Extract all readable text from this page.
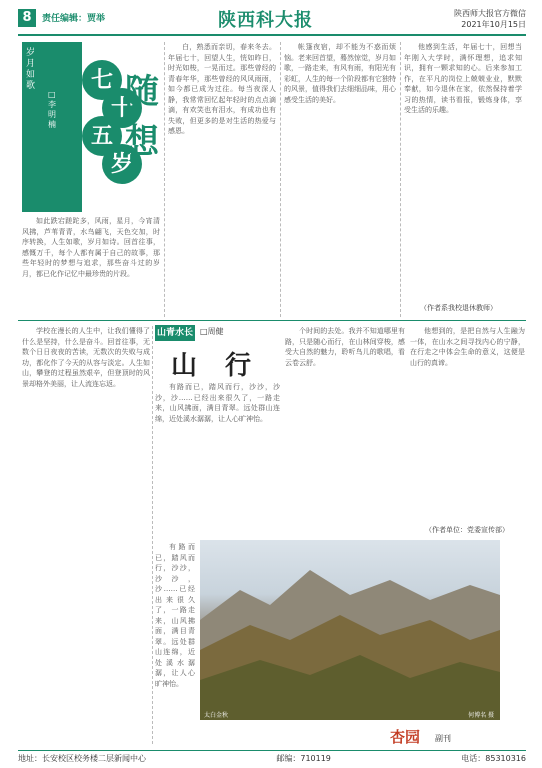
8	责任编辑：贾举	陕西科大报	陕西师大报官方微信
2021年10月15日
岁月如歌
□李明楠
七
十
五
岁
随
想

如此跌宕蹉跎多，风雨，星月，今宵清风拂，芦苇青青，水鸟翩飞，天色交加，时序转换，人生如歌，岁月如诗。回首往事，感慨万千，每个人都有属于自己的故事，那些年轻时的梦想与追求，那些奋斗过的岁月，都已化作记忆中最珍贵的片段。

白，熟悉而亲切，春来冬去。年届七十，回望人生，恍如昨日，时光如梭，一晃而过。那些曾经的青春年华，那些曾经的风风雨雨，如今都已成为过往。每当夜深人静，我常常回忆起年轻时的点点滴滴，有欢笑也有泪水，有成功也有失败，但更多的是对生活的热爱与感恩。

帐篷夜宿，却不能为不惑而烦恼。老来回首望，蓦然惊觉，岁月如歌，一路走来，有风有雨，有阳光有彩虹，人生的每一个阶段都有它独特的风景，值得我们去细细品味，用心感受生活的美好。

他感到生活，年届七十，回想当年刚入大学时，满怀理想，追求知识，拥有一颗求知的心。后来参加工作，在平凡的岗位上兢兢业业，默默奉献，如今退休在家，依然保持着学习的热情，读书看报，锻炼身体，享受生活的乐趣。

（作者系我校退休教师）

学校在漫长的人生中，让我们懂得了什么是坚持，什么是奋斗。回首往事，无数个日日夜夜的苦读，无数次的失败与成功，都化作了今天的从容与淡定。人生如山，攀登的过程虽然艰辛，但登顶时的风景却格外美丽，让人流连忘返。

山青水长 □周健
山行

有路而已，踏风而行，沙沙，沙沙，沙……已经出来很久了，一路走来，山风拂面，满目青翠。远处群山连绵，近处溪水潺潺，让人心旷神怡。

个时间的去处。我并不知道哪里有路，只是随心而行，在山林间穿梭，感受大自然的魅力，聆听鸟儿的歌唱，看云卷云舒。

他想到的，是把自然与人生融为一体，在山水之间寻找内心的宁静，在行走之中体会生命的意义，这便是山行的真谛。

（作者单位：党委宣传部）

有路而已，踏风而行，沙沙，沙沙，沙……已经出来很久了，一路走来，山风拂面，满目青翠。远处群山连绵，近处溪水潺潺，让人心旷神怡。

太白金秋	何博名 摄
杏园	副刊
地址：长安校区校务楼二层新闻中心	邮编：710119	电话：85310316
